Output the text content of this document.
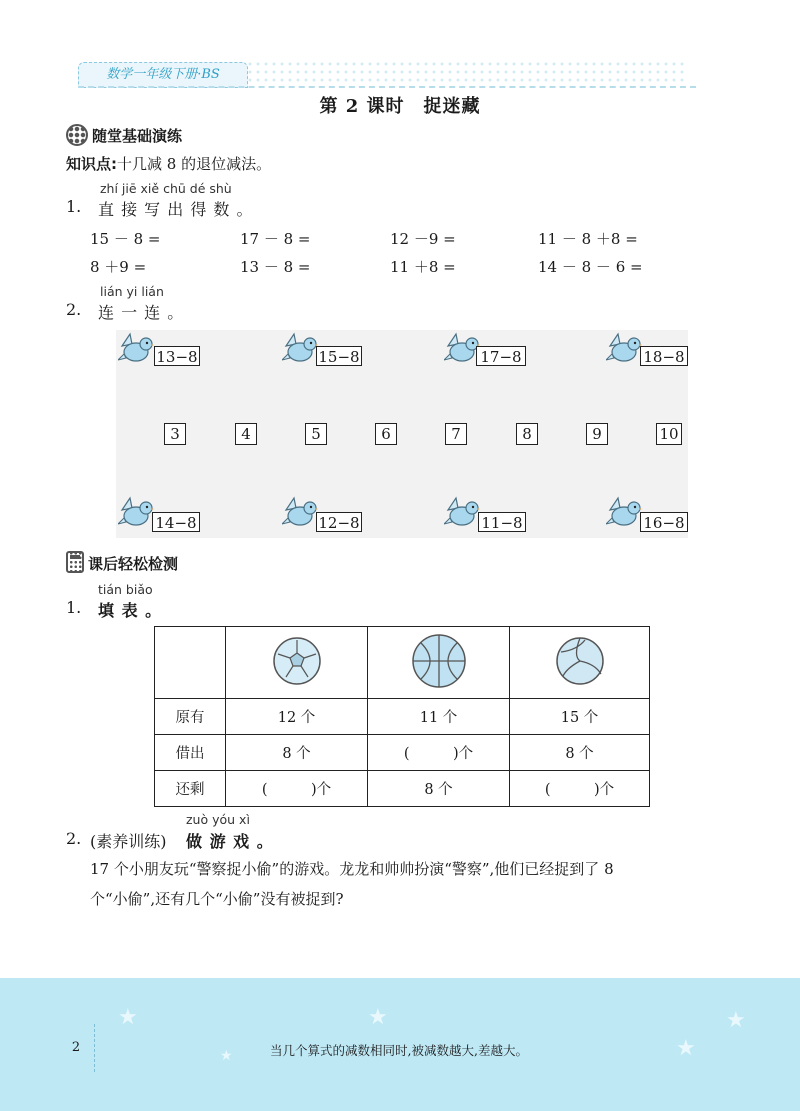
数学一年级下册·BS
第 2 课时　捉迷藏
随堂基础演练
知识点:十几减 8 的退位减法。
zhí jiē xiě chū dé shù
1. 直 接 写 出 得 数 。
15 － 8 =	17 － 8 =	12 －9 =	11 － 8 ＋8 =
8 ＋9 =	13 － 8 =	11 ＋8 =	14 － 8 － 6 =
lián yi lián
2. 连 一 连 。
13−8	15−8	17−8	18−8
3	4	5	6	7	8	9	10
14−8	12−8	11−8	16−8
课后轻松检测
tián biǎo
1. 填 表 。

原有	12 个	11 个	15 个
借出	8 个	(　　　)个	8 个
还剩	(　　　)个	8 个	(　　　)个
zuò yóu xì
2. (素养训练) 做 游 戏 。
17 个小朋友玩“警察捉小偷”的游戏。龙龙和帅帅扮演“警察”,他们已经捉到了 8
个“小偷”,还有几个“小偷”没有被捉到?
★	★	★
★	★
2	当几个算式的减数相同时,被减数越大,差越大。
